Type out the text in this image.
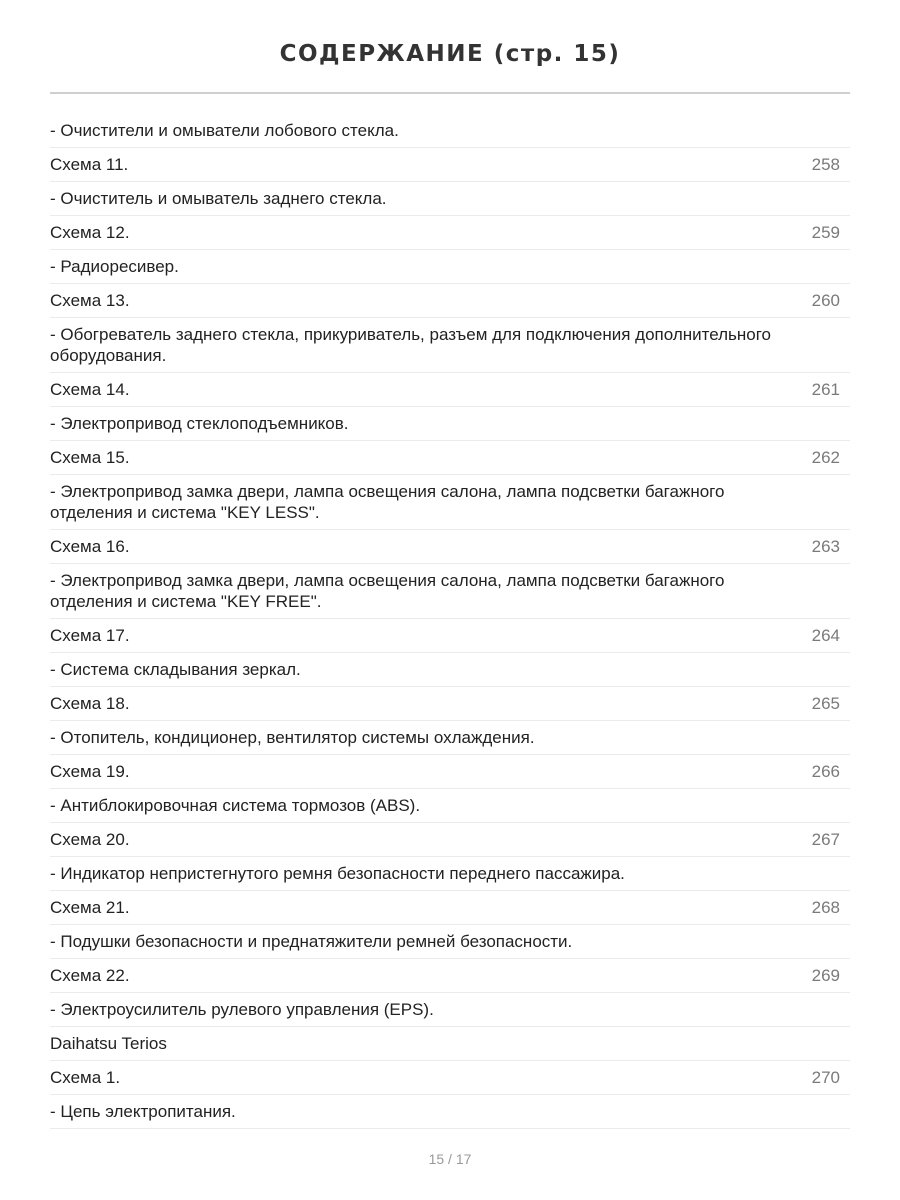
СОДЕРЖАНИЕ (стр. 15)
- Очистители и омыватели лобового стекла.
Схема 11.	258
- Очиститель и омыватель заднего стекла.
Схема 12.	259
- Радиоресивер.
Схема 13.	260
- Обогреватель заднего стекла, прикуриватель, разъем для подключения дополнительного оборудования.
Схема 14.	261
- Электропривод стеклоподъемников.
Схема 15.	262
- Электропривод замка двери, лампа освещения салона, лампа подсветки багажного отделения и система "KEY LESS".
Схема 16.	263
- Электропривод замка двери, лампа освещения салона, лампа подсветки багажного отделения и система "KEY FREE".
Схема 17.	264
- Система складывания зеркал.
Схема 18.	265
- Отопитель, кондиционер, вентилятор системы охлаждения.
Схема 19.	266
- Антиблокировочная система тормозов (ABS).
Схема 20.	267
- Индикатор непристегнутого ремня безопасности переднего пассажира.
Схема 21.	268
- Подушки безопасности и преднатяжители ремней безопасности.
Схема 22.	269
- Электроусилитель рулевого управления (EPS).
Daihatsu Terios
Схема 1.	270
- Цепь электропитания.
15 / 17
